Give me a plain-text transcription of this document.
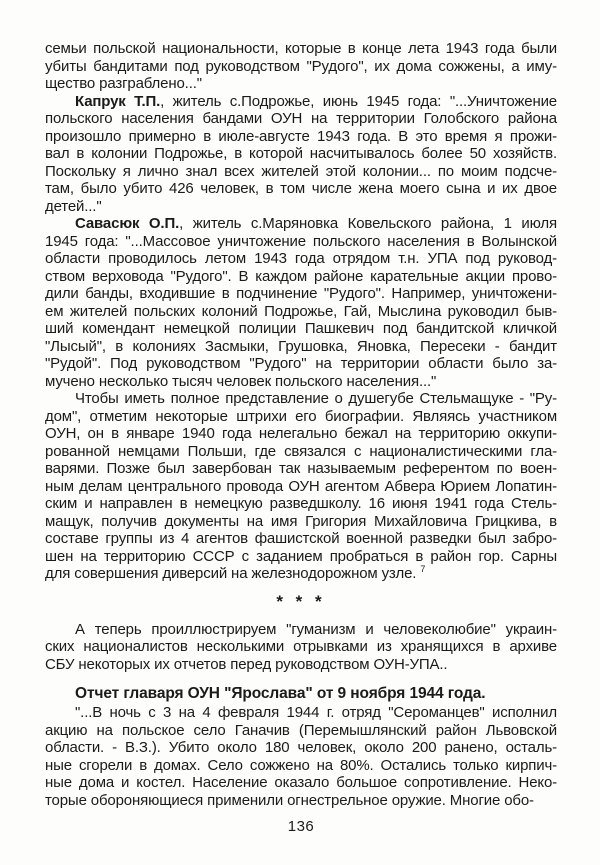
семьи польской национальности, которые в конце лета 1943 года были
убиты бандитами под руководством "Рудого", их дома сожжены, а иму-
щество разграблено..."
Капрук Т.П., житель с.Подрожье, июнь 1945 года: "...Уничтожение
польского населения бандами ОУН на территории Голобского района
произошло примерно в июле-августе 1943 года. В это время я прожи-
вал в колонии Подрожье, в которой насчитывалось более 50 хозяйств.
Поскольку я лично знал всех жителей этой колонии... по моим подсче-
там, было убито 426 человек, в том числе жена моего сына и их двое
детей..."
Савасюк О.П., житель с.Маряновка Ковельского района, 1 июля
1945 года: "...Массовое уничтожение польского населения в Волынской
области проводилось летом 1943 года отрядом т.н. УПА под руковод-
ством верховода "Рудого". В каждом районе карательные акции прово-
дили банды, входившие в подчинение "Рудого". Например, уничтожени-
ем жителей польских колоний Подрожье, Гай, Мыслина руководил быв-
ший комендант немецкой полиции Пашкевич под бандитской кличкой
"Лысый", в колониях Засмыки, Грушовка, Яновка, Пересеки - бандит
"Рудой". Под руководством "Рудого" на территории области было за-
мучено несколько тысяч человек польского населения..."
Чтобы иметь полное представление о душегубе Стельмащуке - "Ру-
дом", отметим некоторые штрихи его биографии. Являясь участником
ОУН, он в январе 1940 года нелегально бежал на территорию оккупи-
рованной немцами Польши, где связался с националистическими гла-
варями. Позже был завербован так называемым референтом по воен-
ным делам центрального провода ОУН агентом Абвера Юрием Лопатин-
ским и направлен в немецкую разведшколу. 16 июня 1941 года Стель-
мащук, получив документы на имя Григория Михайловича Грицкива, в
составе группы из 4 агентов фашистской военной разведки был забро-
шен на территорию СССР с заданием пробраться в район гор. Сарны
для совершения диверсий на железнодорожном узле. $^7$
* * *
А теперь проиллюстрируем "гуманизм и человеколюбие" украин-
ских националистов несколькими отрывками из хранящихся в архиве
СБУ некоторых их отчетов перед руководством ОУН-УПА..
Отчет главаря ОУН "Ярослава" от 9 ноября 1944 года.
"...В ночь с 3 на 4 февраля 1944 г. отряд "Сероманцев" исполнил
акцию на польское село Ганачив (Перемышлянский район Львовской
области. - В.З.). Убито около 180 человек, около 200 ранено, осталь-
ные сгорели в домах. Село сожжено на 80%. Остались только кирпич-
ные дома и костел. Население оказало большое сопротивление. Неко-
торые обороняющиеся применили огнестрельное оружие. Многие обо-
136
